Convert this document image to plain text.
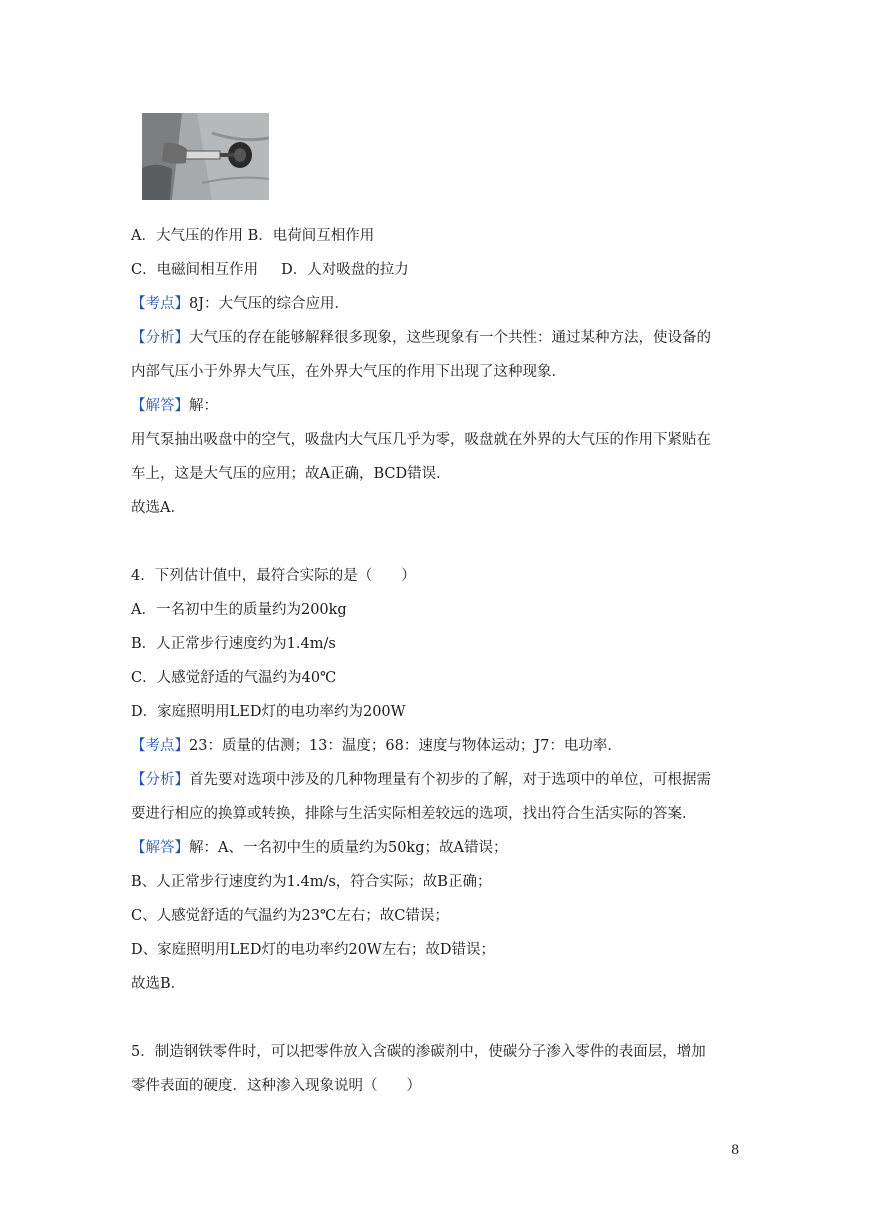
A．大气压的作用 B．电荷间互相作用
C．电磁间相互作用 D．人对吸盘的拉力
【考点】8J：大气压的综合应用．
【分析】大气压的存在能够解释很多现象，这些现象有一个共性：通过某种方法，使设备的
内部气压小于外界大气压，在外界大气压的作用下出现了这种现象．
【解答】解：
用气泵抽出吸盘中的空气，吸盘内大气压几乎为零，吸盘就在外界的大气压的作用下紧贴在
车上，这是大气压的应用；故A正确，BCD错误．
故选A．
4．下列估计值中，最符合实际的是（　　）
A．一名初中生的质量约为200kg
B．人正常步行速度约为1.4m/s
C．人感觉舒适的气温约为40℃
D．家庭照明用LED灯的电功率约为200W
【考点】23：质量的估测；13：温度；68：速度与物体运动；J7：电功率．
【分析】首先要对选项中涉及的几种物理量有个初步的了解，对于选项中的单位，可根据需
要进行相应的换算或转换，排除与生活实际相差较远的选项，找出符合生活实际的答案．
【解答】解：A、一名初中生的质量约为50kg；故A错误；
B、人正常步行速度约为1.4m/s，符合实际；故B正确；
C、人感觉舒适的气温约为23℃左右；故C错误；
D、家庭照明用LED灯的电功率约20W左右；故D错误；
故选B．
5．制造钢铁零件时，可以把零件放入含碳的渗碳剂中，使碳分子渗入零件的表面层，增加
零件表面的硬度．这种渗入现象说明（　　）
8
